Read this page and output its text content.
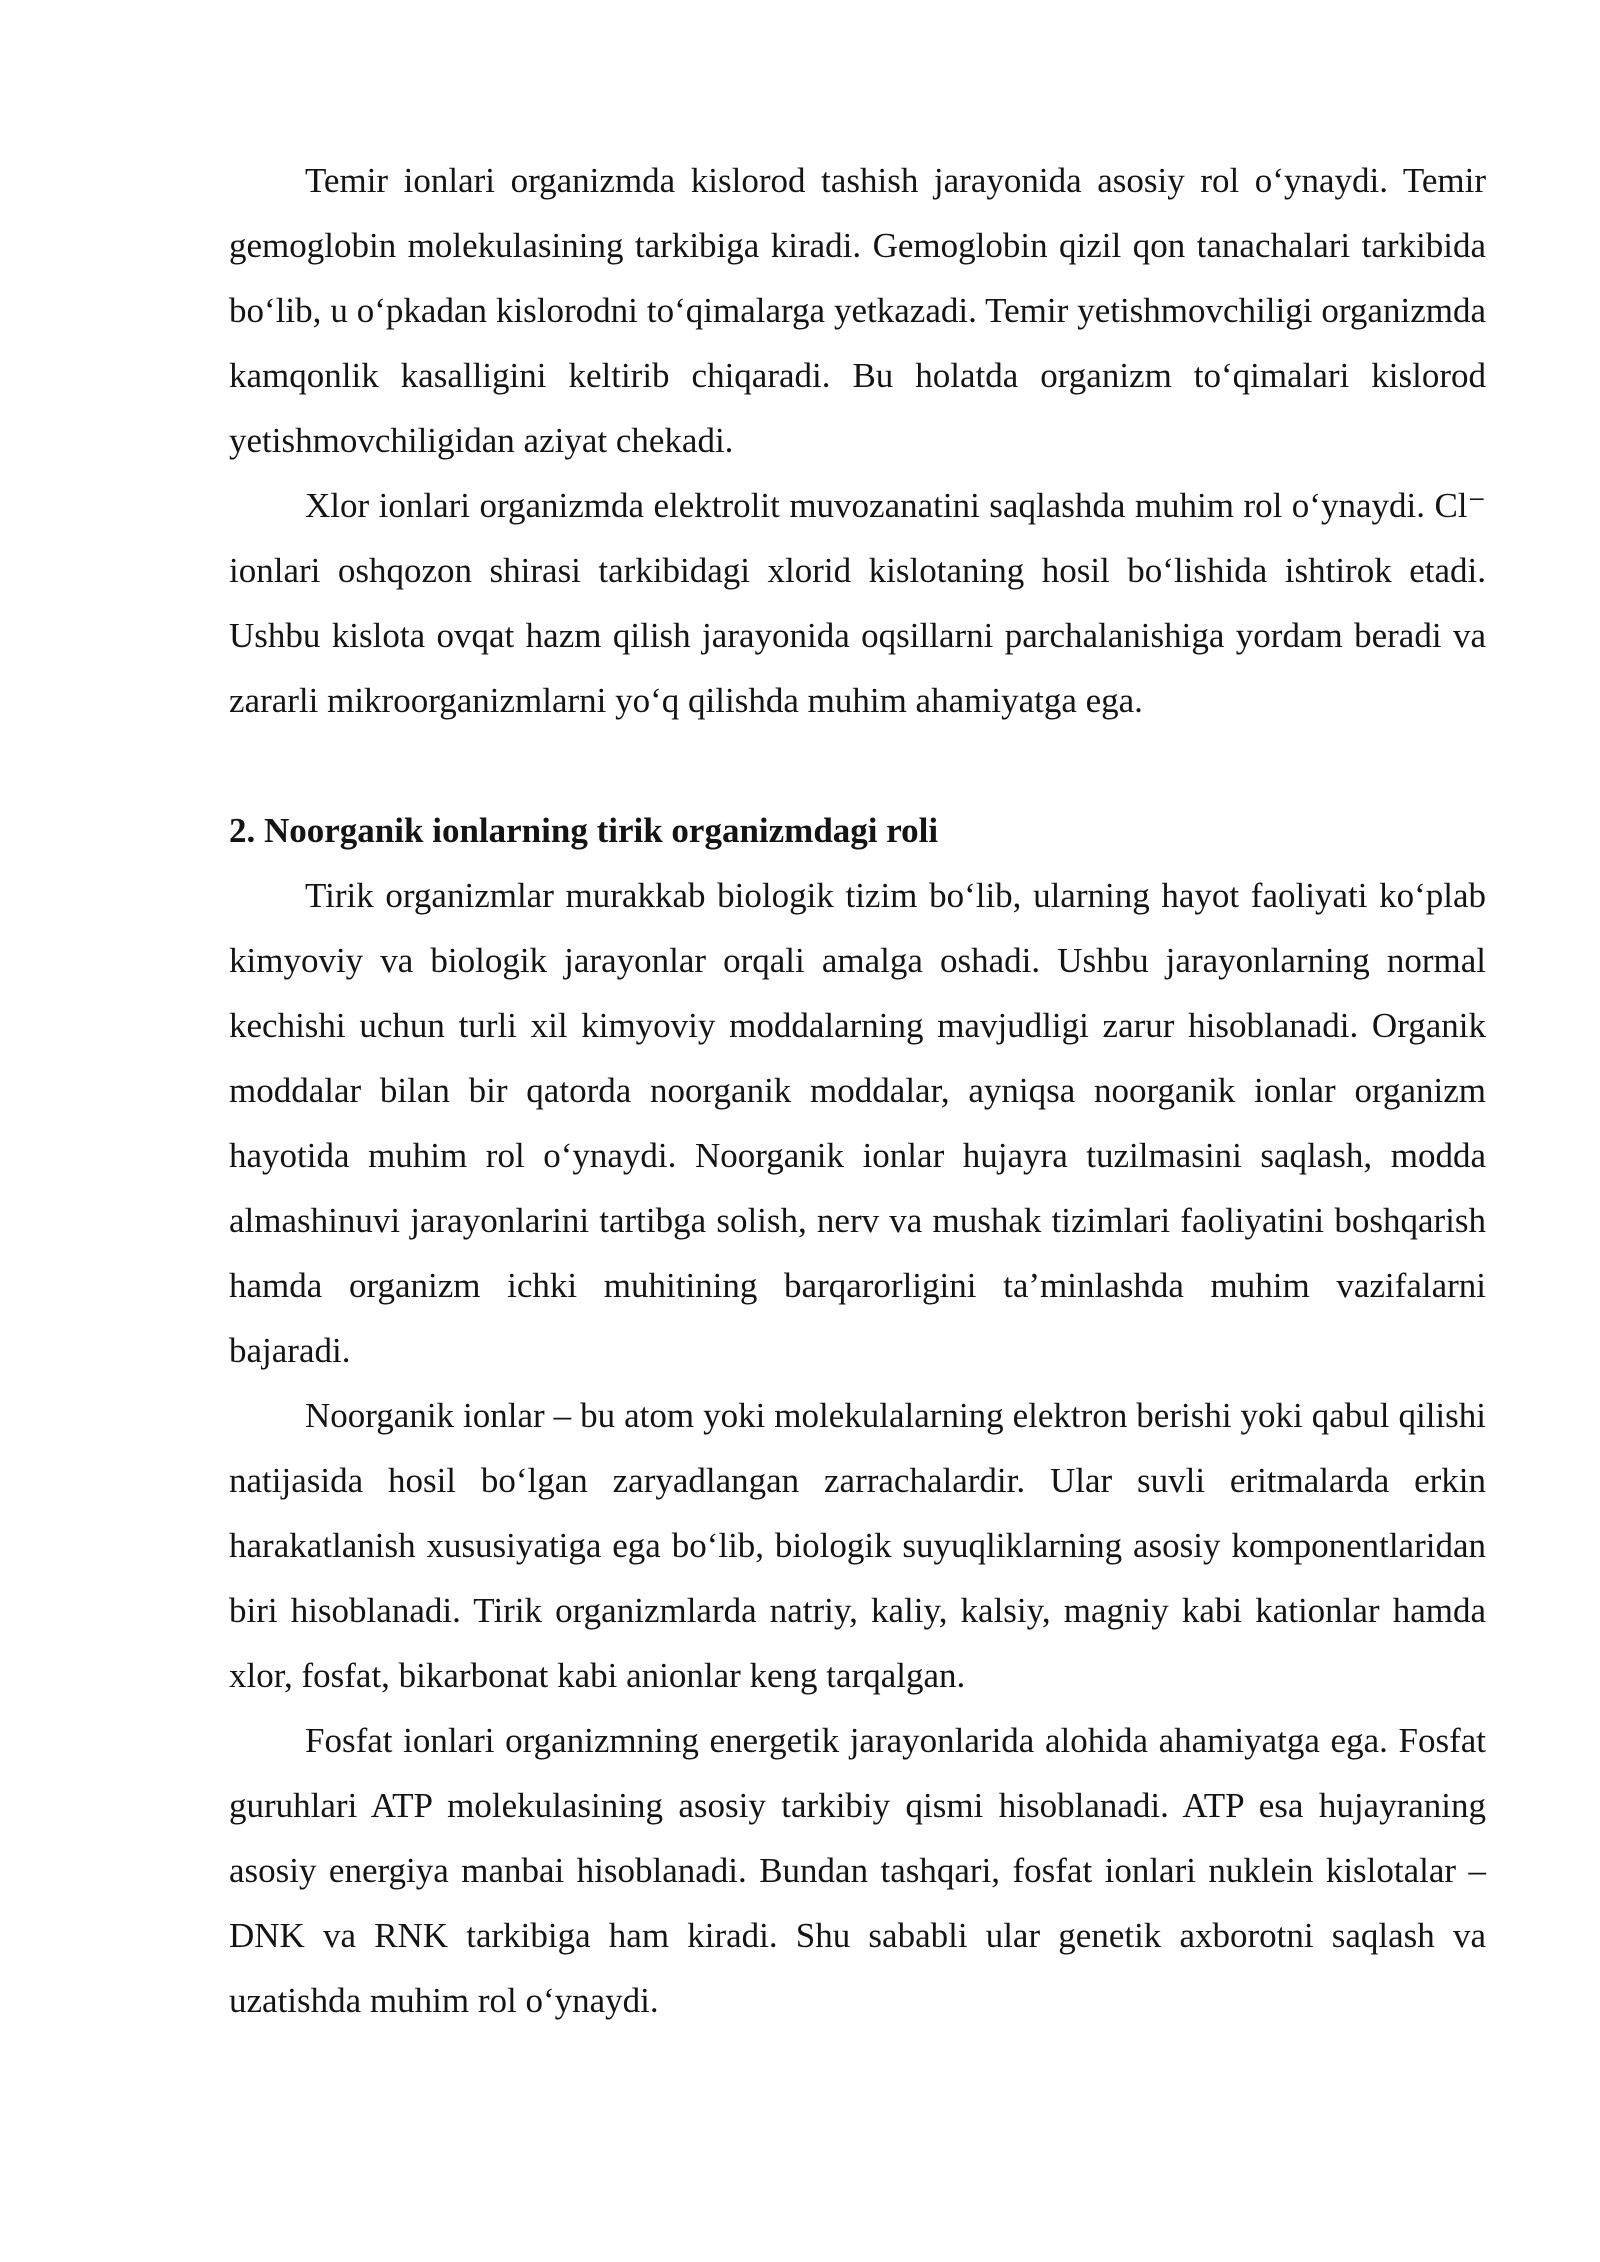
Temir ionlari organizmda kislorod tashish jarayonida asosiy rol o‘ynaydi. Temir gemoglobin molekulasining tarkibiga kiradi. Gemoglobin qizil qon tanachalari tarkibida bo‘lib, u o‘pkadan kislorodni to‘qimalarga yetkazadi. Temir yetishmovchiligi organizmda kamqonlik kasalligini keltirib chiqaradi. Bu holatda organizm to‘qimalari kislorod yetishmovchiligidan aziyat chekadi.

Xlor ionlari organizmda elektrolit muvozanatini saqlashda muhim rol o‘ynaydi. Cl⁻ ionlari oshqozon shirasi tarkibidagi xlorid kislotaning hosil bo‘lishida ishtirok etadi. Ushbu kislota ovqat hazm qilish jarayonida oqsillarni parchalanishiga yordam beradi va zararli mikroorganizmlarni yo‘q qilishda muhim ahamiyatga ega.

2. Noorganik ionlarning tirik organizmdagi roli

Tirik organizmlar murakkab biologik tizim bo‘lib, ularning hayot faoliyati ko‘plab kimyoviy va biologik jarayonlar orqali amalga oshadi. Ushbu jarayonlarning normal kechishi uchun turli xil kimyoviy moddalarning mavjudligi zarur hisoblanadi. Organik moddalar bilan bir qatorda noorganik moddalar, ayniqsa noorganik ionlar organizm hayotida muhim rol o‘ynaydi. Noorganik ionlar hujayra tuzilmasini saqlash, modda almashinuvi jarayonlarini tartibga solish, nerv va mushak tizimlari faoliyatini boshqarish hamda organizm ichki muhitining barqarorligini ta’minlashda muhim vazifalarni bajaradi.

Noorganik ionlar – bu atom yoki molekulalarning elektron berishi yoki qabul qilishi natijasida hosil bo‘lgan zaryadlangan zarrachalardir. Ular suvli eritmalarda erkin harakatlanish xususiyatiga ega bo‘lib, biologik suyuqliklarning asosiy komponentlaridan biri hisoblanadi. Tirik organizmlarda natriy, kaliy, kalsiy, magniy kabi kationlar hamda xlor, fosfat, bikarbonat kabi anionlar keng tarqalgan.

Fosfat ionlari organizmning energetik jarayonlarida alohida ahamiyatga ega. Fosfat guruhlari ATP molekulasining asosiy tarkibiy qismi hisoblanadi. ATP esa hujayraning asosiy energiya manbai hisoblanadi. Bundan tashqari, fosfat ionlari nuklein kislotalar – DNK va RNK tarkibiga ham kiradi. Shu sababli ular genetik axborotni saqlash va uzatishda muhim rol o‘ynaydi.
